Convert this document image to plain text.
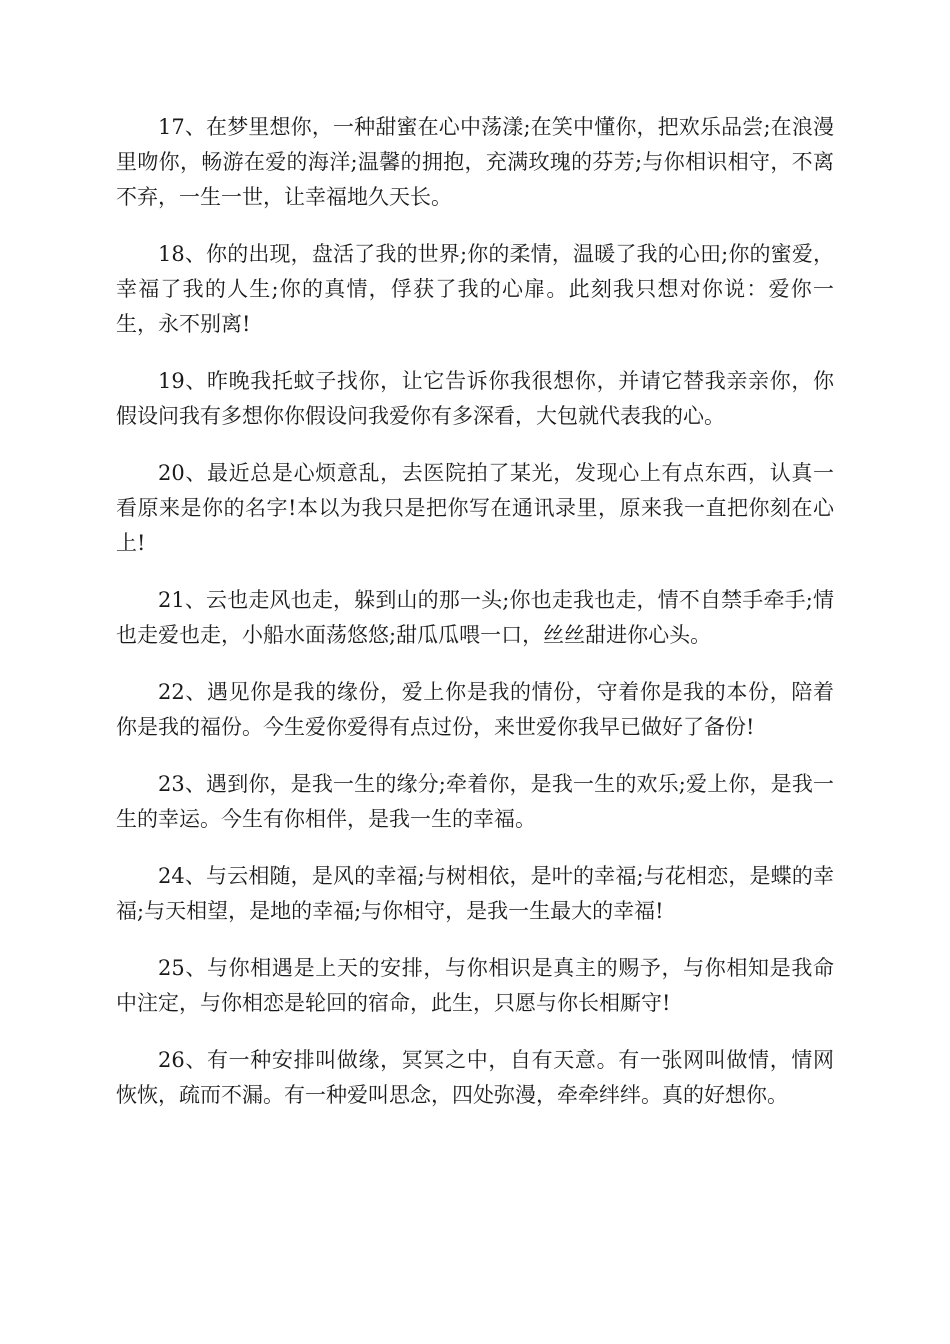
17、在梦里想你，一种甜蜜在心中荡漾;在笑中懂你，把欢乐品尝;在浪漫里吻你，畅游在爱的海洋;温馨的拥抱，充满玫瑰的芬芳;与你相识相守，不离不弃，一生一世，让幸福地久天长。

18、你的出现，盘活了我的世界;你的柔情，温暖了我的心田;你的蜜爱，幸福了我的人生;你的真情，俘获了我的心扉。此刻我只想对你说：爱你一生，永不别离!

19、昨晚我托蚊子找你，让它告诉你我很想你，并请它替我亲亲你，你假设问我有多想你你假设问我爱你有多深看，大包就代表我的心。

20、最近总是心烦意乱，去医院拍了某光，发现心上有点东西，认真一看原来是你的名字!本以为我只是把你写在通讯录里，原来我一直把你刻在心上!

21、云也走风也走，躲到山的那一头;你也走我也走，情不自禁手牵手;情也走爱也走，小船水面荡悠悠;甜瓜瓜喂一口，丝丝甜进你心头。

22、遇见你是我的缘份，爱上你是我的情份，守着你是我的本份，陪着你是我的福份。今生爱你爱得有点过份，来世爱你我早已做好了备份!

23、遇到你，是我一生的缘分;牵着你，是我一生的欢乐;爱上你，是我一生的幸运。今生有你相伴，是我一生的幸福。

24、与云相随，是风的幸福;与树相依，是叶的幸福;与花相恋，是蝶的幸福;与天相望，是地的幸福;与你相守，是我一生最大的幸福!

25、与你相遇是上天的安排，与你相识是真主的赐予，与你相知是我命中注定，与你相恋是轮回的宿命，此生，只愿与你长相厮守!

26、有一种安排叫做缘，冥冥之中，自有天意。有一张网叫做情，情网恢恢，疏而不漏。有一种爱叫思念，四处弥漫，牵牵绊绊。真的好想你。
